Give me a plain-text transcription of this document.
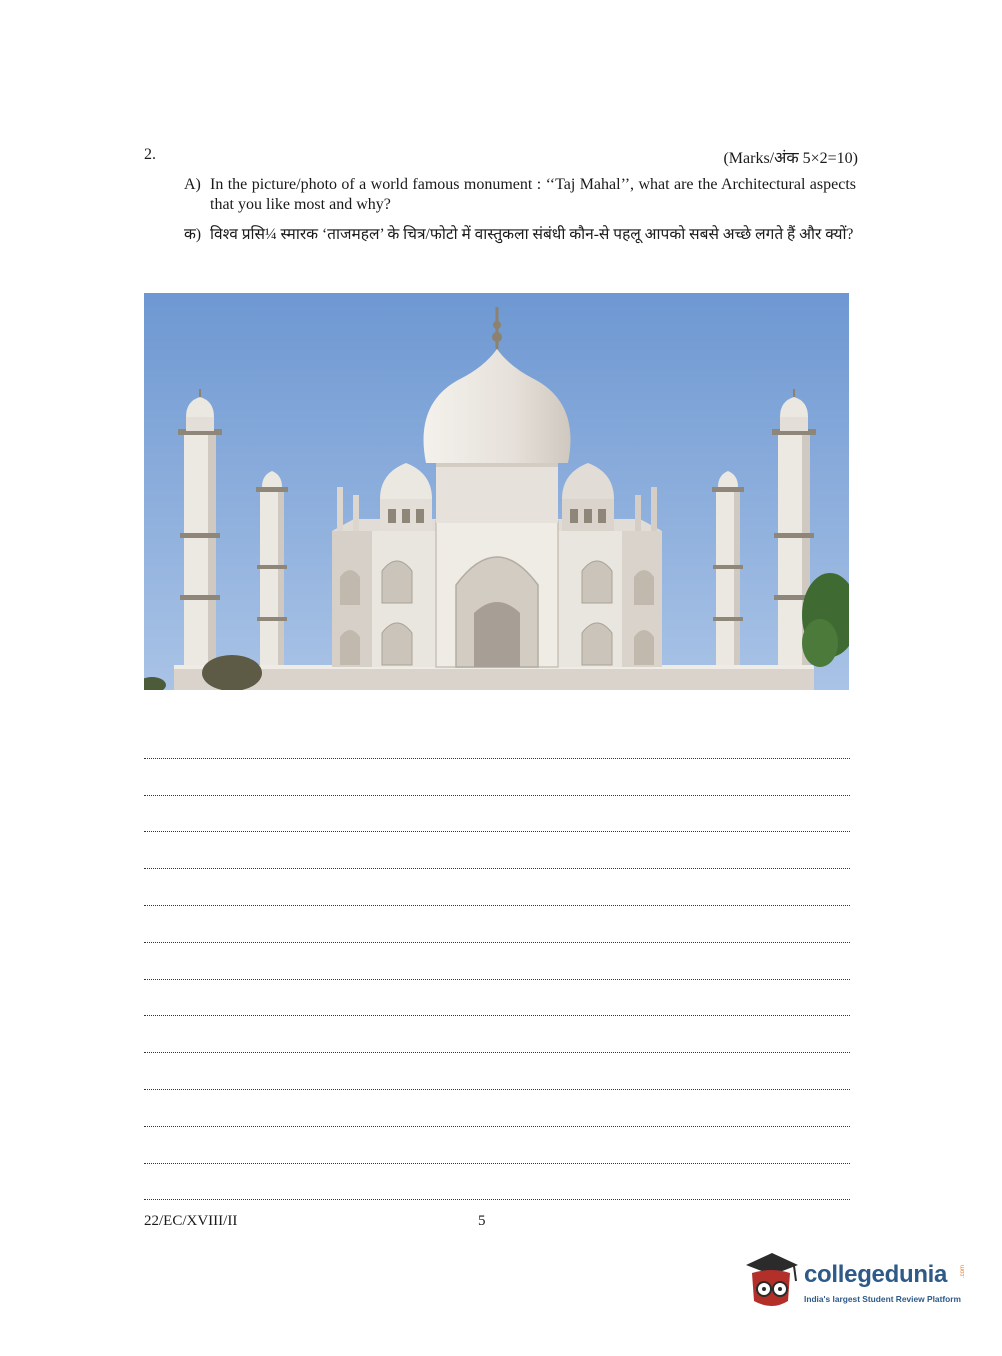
2.	(Marks/अंक 5×2=10)
A) In the picture/photo of a world famous monument : ‘‘Taj Mahal’’, what are the Architectural aspects that you like most and why?
क) विश्व प्रसि¼ स्मारक ‘ताजमहल’ के चित्र/फोटो में वास्तुकला संबंधी कौन-से पहलू आपको सबसे अच्छे लगते हैं और क्यों?
22/EC/XVIII/II	5
collegedunia .com
India's largest Student Review Platform
